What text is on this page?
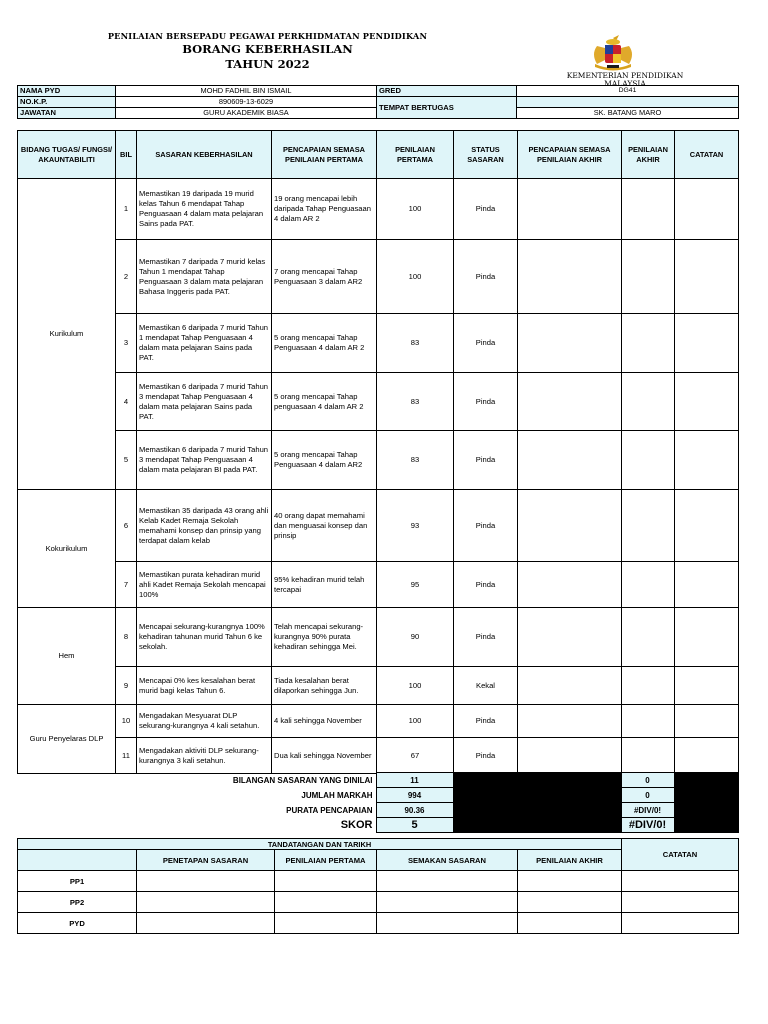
PENILAIAN BERSEPADU PEGAWAI PERKHIDMATAN PENDIDIKAN
BORANG KEBERHASILAN
TAHUN 2022
KEMENTERIAN PENDIDIKAN MALAYSIA
NAMA PYD	MOHD FADHIL BIN ISMAIL	GRED	DG41
NO.K.P.	890609-13-6029	TEMPAT BERTUGAS	
JAWATAN	GURU AKADEMIK BIASA		SK. BATANG MARO
BIDANG TUGAS/ FUNGSI/ AKAUNTABILITI	BIL	SASARAN KEBERHASILAN	PENCAPAIAN SEMASA PENILAIAN PERTAMA	PENILAIAN PERTAMA	STATUS SASARAN	PENCAPAIAN SEMASA PENILAIAN AKHIR	PENILAIAN AKHIR	CATATAN
Kurikulum	1	Memastikan 19 daripada 19 murid kelas Tahun 6 mendapat Tahap Penguasaan 4 dalam mata pelajaran Sains pada PAT.	19 orang mencapai lebih daripada Tahap Penguasaan 4 dalam AR 2	100	Pinda			
	2	Memastikan 7 daripada 7 murid kelas Tahun 1 mendapat Tahap Penguasaan 3 dalam mata pelajaran Bahasa Inggeris pada PAT.	7 orang mencapai Tahap Penguasaan 3 dalam AR2	100	Pinda			
	3	Memastikan 6 daripada 7 murid Tahun 1 mendapat Tahap Penguasaan 4 dalam mata pelajaran Sains pada PAT.	5 orang mencapai Tahap Penguasaan 4 dalam AR 2	83	Pinda			
	4	Memastikan 6 daripada 7 murid Tahun 3 mendapat Tahap Penguasaan 4 dalam mata pelajaran Sains pada PAT.	5 orang mencapai Tahap penguasaan 4 dalam AR 2	83	Pinda			
	5	Memastikan 6 daripada 7 murid Tahun 3 mendapat Tahap Penguasaan 4 dalam mata pelajaran BI pada PAT.	5 orang mencapai Tahap Penguasaan 4 dalam AR2	83	Pinda			
Kokurikulum	6	Memastikan 35 daripada 43 orang ahli Kelab Kadet Remaja Sekolah memahami konsep dan prinsip yang terdapat dalam kelab	40 orang dapat memahami dan menguasai konsep dan prinsip	93	Pinda			
	7	Memastikan purata kehadiran murid ahli Kadet Remaja Sekolah mencapai 100%	95% kehadiran murid telah tercapai	95	Pinda			
Hem	8	Mencapai sekurang-kurangnya 100% kehadiran tahunan murid Tahun 6 ke sekolah.	Telah mencapai sekurang-kurangnya 90% purata kehadiran sehingga Mei.	90	Pinda			
	9	Mencapai 0% kes kesalahan berat murid bagi kelas Tahun 6.	Tiada kesalahan berat dilaporkan sehingga Jun.	100	Kekal			
Guru Penyelaras DLP	10	Mengadakan Mesyuarat DLP sekurang-kurangnya 4 kali setahun.	4 kali sehingga November	100	Pinda			
	11	Mengadakan aktiviti DLP sekurang-kurangnya 3 kali setahun.	Dua kali sehingga November	67	Pinda			
BILANGAN SASARAN YANG DINILAI	11		0	
JUMLAH MARKAH	994		0	
PURATA PENCAPAIAN	90.36		#DIV/0!	
SKOR	5		#DIV/0!	
TANDATANGAN DAN TARIKH					CATATAN
	PENETAPAN SASARAN	PENILAIAN PERTAMA	SEMAKAN SASARAN	PENILAIAN AKHIR	
PP1					
PP2					
PYD					
